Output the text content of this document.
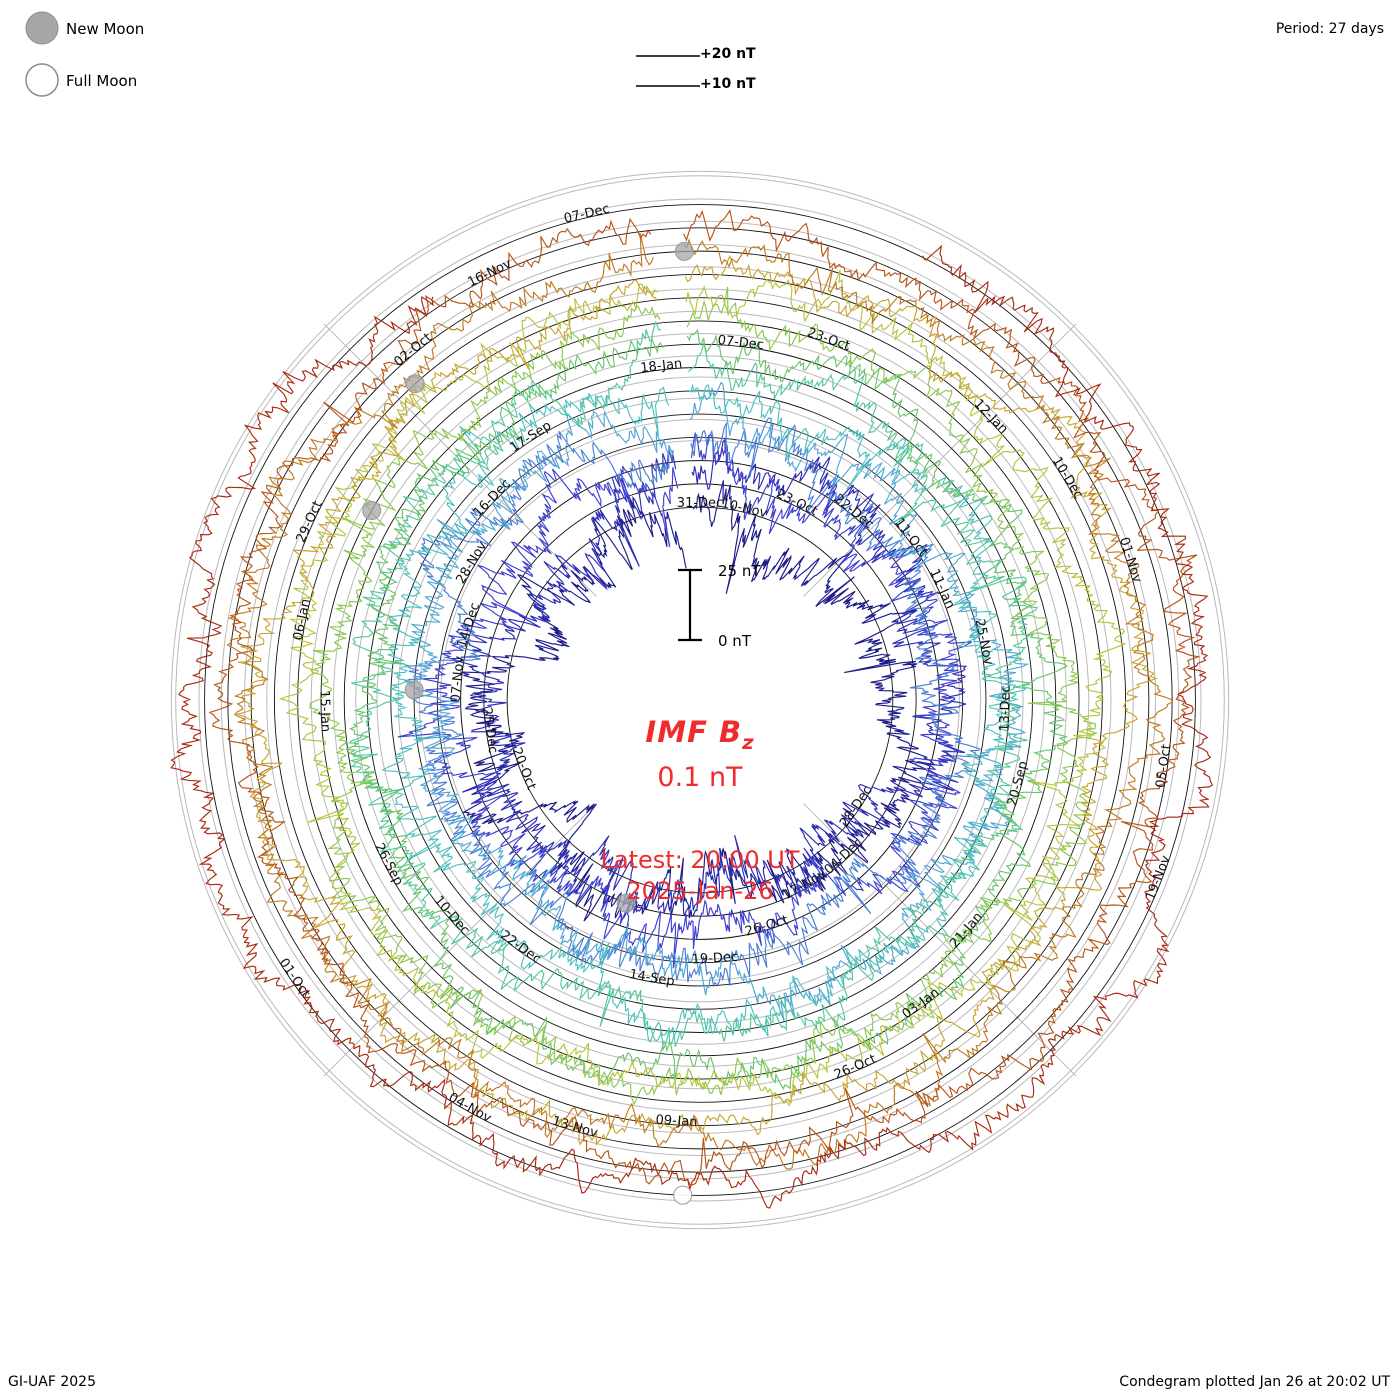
31-Dec
04-Dec
07-Nov
11-Oct
14-Sep
17-Sep
20-Sep
26-Sep
23-Oct
26-Oct
29-Oct
01-Nov
04-Nov
07-Dec
28-Dec
25-Dec
22-Dec
19-Dec
16-Dec
13-Dec
10-Dec
07-Dec
03-Jan
06-Jan
10-Dec
13-Nov
16-Nov
19-Nov
20-Oct
23-Oct
26-Oct
28-Nov
25-Nov
22-Dec
18-Jan
21-Jan
15-Jan
12-Jan
09-Jan
02-Oct
05-Oct
01-Oct
10-Nov
17-Nov
14-Dec
11-Jan
New Moon
Full Moon
Period: 27 days
+20 nT
+10 nT
25 nT
0 nT
IMF $B_z$
0.1 nT
Latest: 20:00 UT
2025-Jan-26
GI-UAF 2025	Condegram plotted Jan 26 at 20:02 UT
